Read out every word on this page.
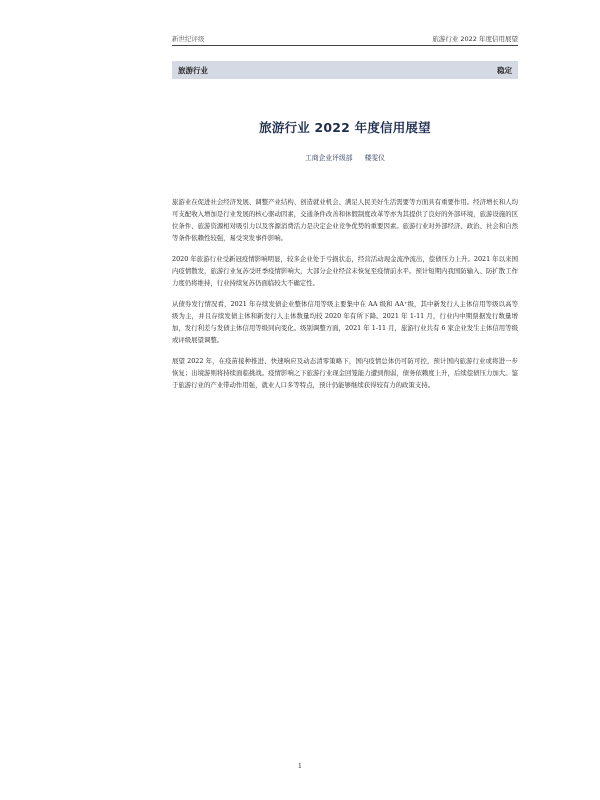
新世纪评级	旅游行业 2022 年度信用展望
旅游行业	稳定
旅游行业 2022 年度信用展望
工商企业评级部 楼雯仪

旅游业在促进社会经济发展、调整产业结构、创造就业机会、满足人民美好生活需要等方面具有重要作用。经济增长和人均可支配收入增加是行业发展的核心驱动因素，交通条件改善和休假制度改革等亦为其提供了良好的外部环境，旅游设施的区位条件、旅游资源相对吸引力以及客源消费活力是决定企业竞争优势的重要因素。旅游行业对外部经济、政治、社会和自然等条件依赖性较强，易受突发事件影响。

2020 年旅游行业受新冠疫情影响明显，较多企业处于亏损状态，经营活动现金流净流出，偿债压力上升。2021 年以来国内疫情散发，旅游行业复苏受旺季疫情影响大，大部分企业经营未恢复至疫情前水平。预计短期内我国防输入、防扩散工作力度仍将维持，行业持续复苏仍面临较大不确定性。

从债券发行情况看，2021 年存续发债企业整体信用等级主要集中在 AA 级和 AA⁺级，其中新发行人主体信用等级以高等级为主，并且存续发债主体和新发行人主体数量均较 2020 年有所下降。2021 年 1-11 月，行业内中期票据发行数量增加，发行利差与发债主体信用等级同向变化。级别调整方面，2021 年 1-11 月，旅游行业共有 6 家企业发生主体信用等级或评级展望调整。

展望 2022 年，在疫苗接种推进、快速响应及动态清零策略下，国内疫情总体仍可防可控，预计国内旅游行业或将进一步恢复；出境游则将持续面临挑战。疫情影响之下旅游行业现金回笼能力遭到削弱，债务依赖度上升，后续偿债压力加大。鉴于旅游行业的产业带动作用强，就业人口多等特点，预计仍能够继续获得较有力的政策支持。

1
